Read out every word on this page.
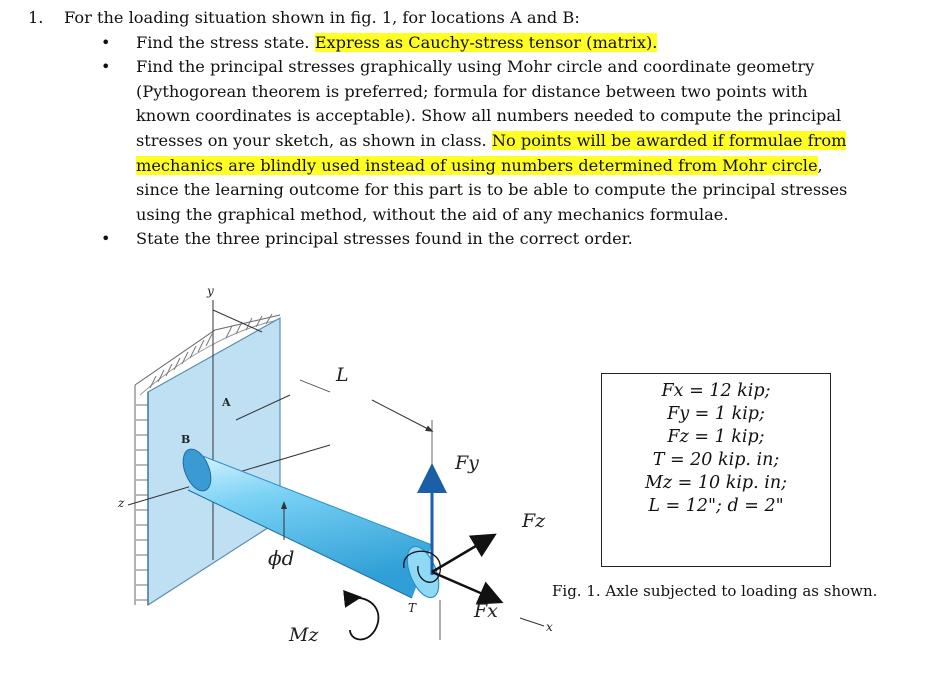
1. For the loading situation shown in fig. 1, for locations A and B:
• Find the stress state. Express as Cauchy-stress tensor (matrix).
• Find the principal stresses graphically using Mohr circle and coordinate geometry (Pythogorean theorem is preferred; formula for distance between two points with known coordinates is acceptable). Show all numbers needed to compute the principal stresses on your sketch, as shown in class. No points will be awarded if formulae from mechanics are blindly used instead of using numbers determined from Mohr circle, since the learning outcome for this part is to be able to compute the principal stresses using the graphical method, without the aid of any mechanics formulae.
• State the three principal stresses found in the correct order.
y
z
x
A
B
L
Fy
Fz
Fx
T
Mz
ϕd
Fx = 12 kip;
Fy = 1 kip;
Fz = 1 kip;
T = 20 kip. in;
Mz = 10 kip. in;
L = 12"; d = 2"
Fig. 1. Axle subjected to loading as shown.
